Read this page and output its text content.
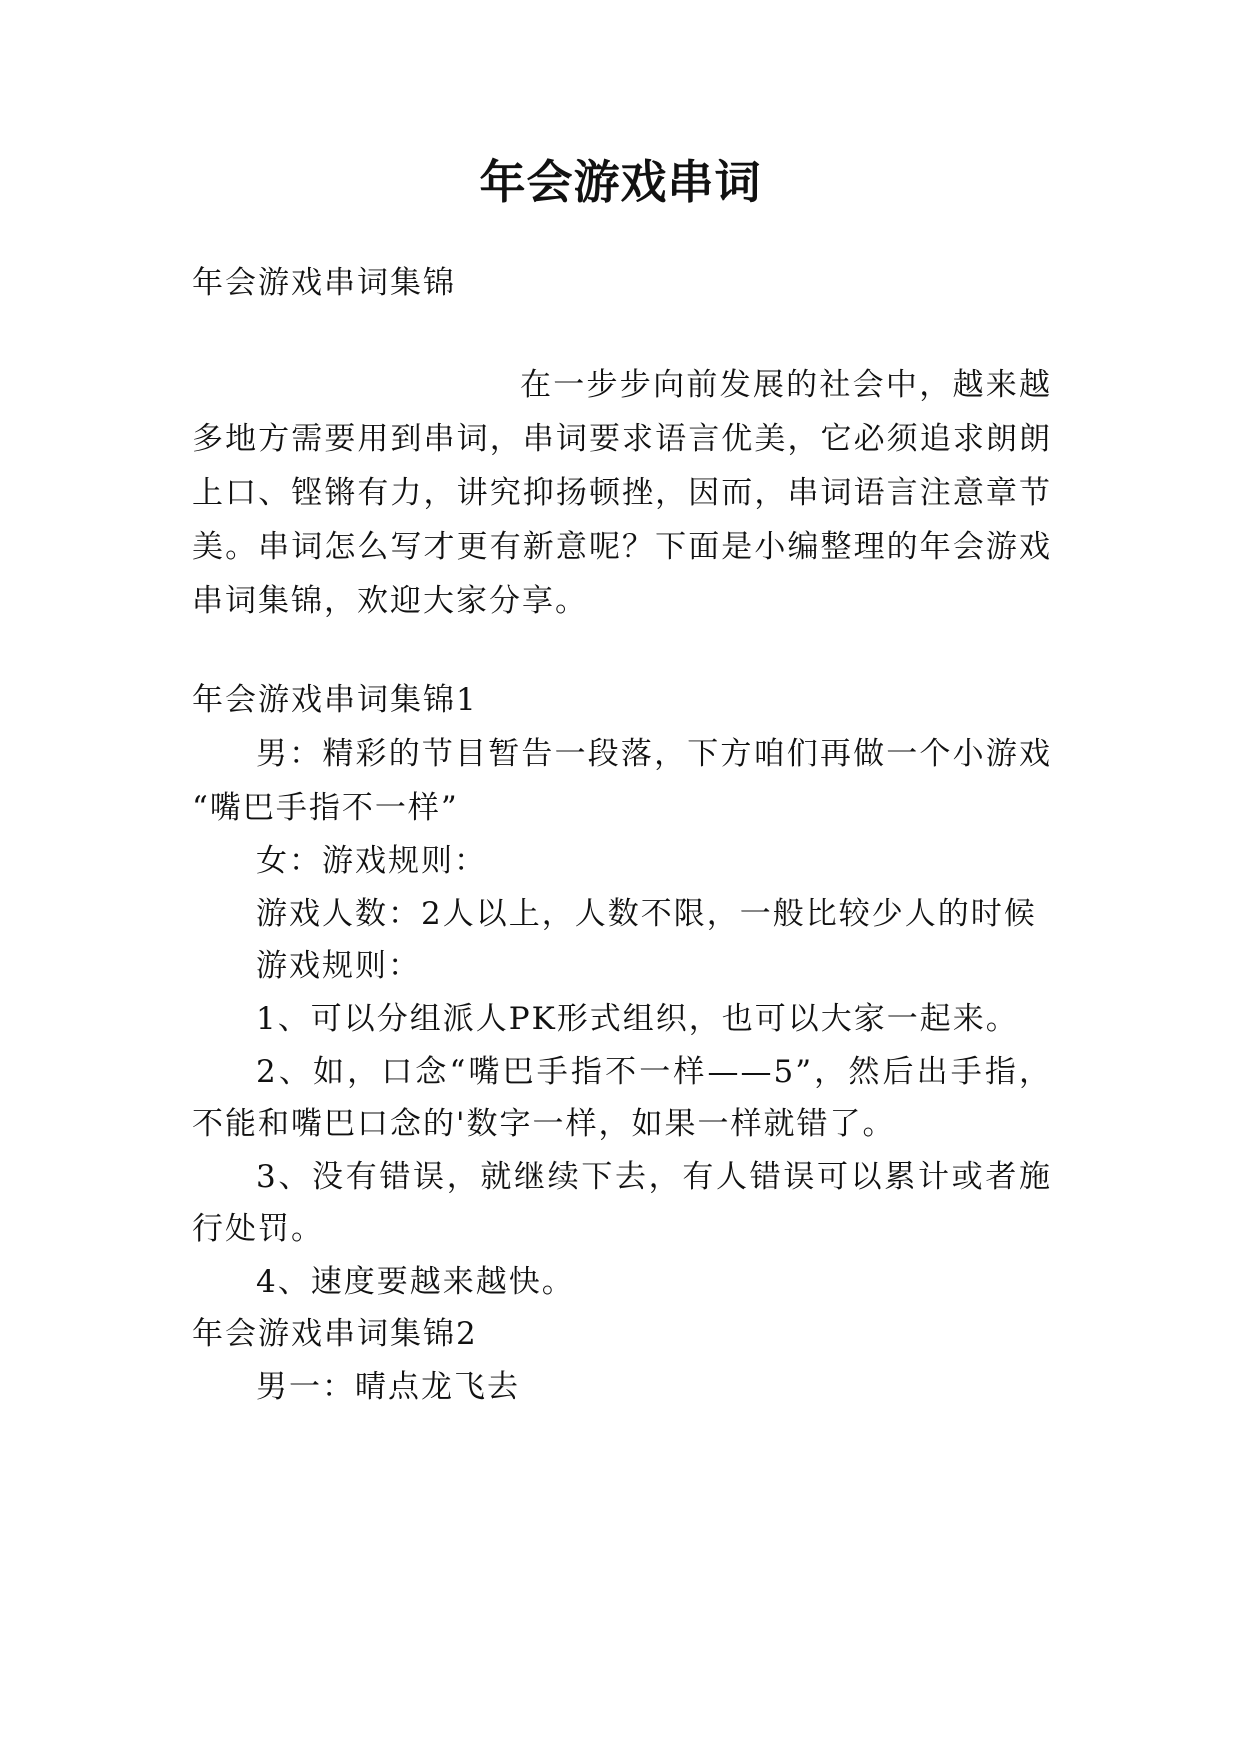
年会游戏串词
年会游戏串词集锦
在一步步向前发展的社会中，越来越
多地方需要用到串词，串词要求语言优美，它必须追求朗朗
上口、铿锵有力，讲究抑扬顿挫，因而，串词语言注意章节
美。串词怎么写才更有新意呢？下面是小编整理的年会游戏
串词集锦，欢迎大家分享。
年会游戏串词集锦1
男：精彩的节目暂告一段落，下方咱们再做一个小游戏
“嘴巴手指不一样”
女：游戏规则：
游戏人数：2人以上，人数不限，一般比较少人的时候
游戏规则：
1、可以分组派人PK形式组织，也可以大家一起来。
2、如，口念“嘴巴手指不一样——5”，然后出手指，
不能和嘴巴口念的'数字一样，如果一样就错了。
3、没有错误，就继续下去，有人错误可以累计或者施
行处罚。
4、速度要越来越快。
年会游戏串词集锦2
男一：晴点龙飞去
